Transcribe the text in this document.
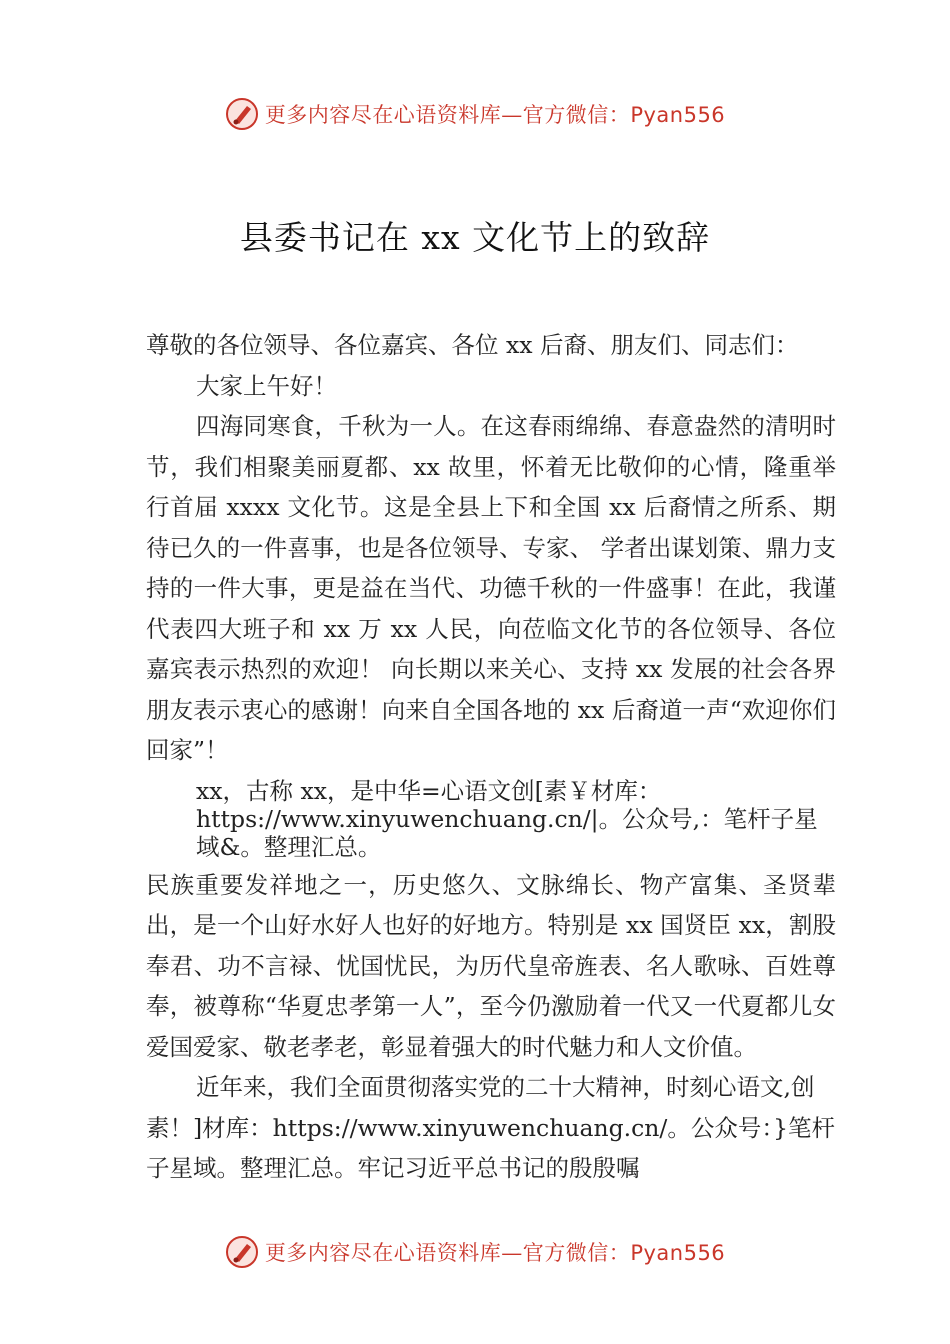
更多内容尽在心语资料库—官方微信：Pyan556
县委书记在 xx 文化节上的致辞

尊敬的各位领导、各位嘉宾、各位 xx 后裔、朋友们、同志们：

大家上午好！

四海同寒食，千秋为一人。在这春雨绵绵、春意盎然的清明时节，我们相聚美丽夏都、xx 故里，怀着无比敬仰的心情，隆重举行首届 xxxx 文化节。这是全县上下和全国 xx 后裔情之所系、期待已久的一件喜事，也是各位领导、专家、 学者出谋划策、鼎力支持的一件大事，更是益在当代、功德千秋的一件盛事！在此，我谨代表四大班子和 xx 万 xx 人民，向莅临文化节的各位领导、各位嘉宾表示热烈的欢迎！ 向长期以来关心、支持 xx 发展的社会各界朋友表示衷心的感谢！向来自全国各地的 xx 后裔道一声“欢迎你们回家”！

xx，古称 xx，是中华=心语文创[素￥材库：https://www.xinyuwenchuang.cn/|。公众号,：笔杆子星域&。整理汇总。

民族重要发祥地之一，历史悠久、文脉绵长、物产富集、圣贤辈出，是一个山好水好人也好的好地方。特别是 xx 国贤臣 xx，割股奉君、功不言禄、忧国忧民，为历代皇帝旌表、名人歌咏、百姓尊奉，被尊称“华夏忠孝第一人”，至今仍激励着一代又一代夏都儿女爱国爱家、敬老孝老，彰显着强大的时代魅力和人文价值。

近年来，我们全面贯彻落实党的二十大精神，时刻心语文,创素！]材库：https://www.xinyuwenchuang.cn/。公众号：}笔杆子星域。整理汇总。牢记习近平总书记的殷殷嘱

更多内容尽在心语资料库—官方微信：Pyan556
